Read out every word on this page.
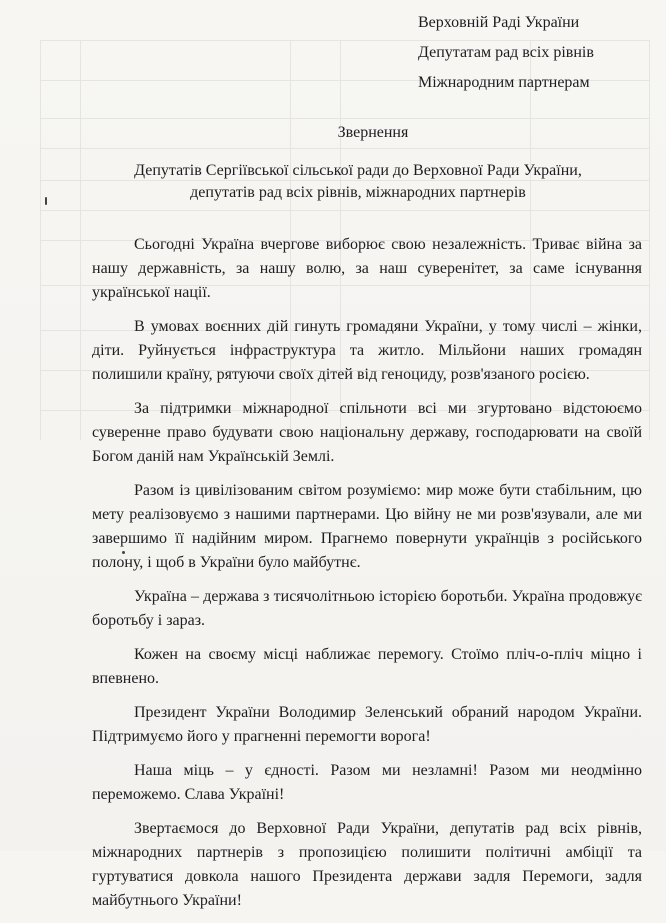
Верховній Раді України
Депутатам рад всіх рівнів
Міжнародним партнерам
Звернення
Депутатів Сергіївської сільської ради до Верховної Ради України,
депутатів рад всіх рівнів, міжнародних партнерів

Сьогодні Україна вчергове виборює свою незалежність. Триває війна за нашу державність, за нашу волю, за наш суверенітет, за саме існування української нації.

В умовах воєнних дій гинуть громадяни України, у тому числі – жінки, діти. Руйнується інфраструктура та житло. Мільйони наших громадян полишили країну, рятуючи своїх дітей від геноциду, розв'язаного росією.

За підтримки міжнародної спільноти всі ми згуртовано відстоюємо суверенне право будувати свою національну державу, господарювати на своїй Богом даній нам Українській Землі.

Разом із цивілізованим світом розуміємо: мир може бути стабільним, цю мету реалізовуємо з нашими партнерами. Цю війну не ми розв'язували, але ми завершимо її надійним миром. Прагнемо повернути українців з російського полону, і щоб в України було майбутнє.

Україна – держава з тисячолітньою історією боротьби. Україна продовжує боротьбу і зараз.

Кожен на своєму місці наближає перемогу. Стоїмо пліч-о-пліч міцно і впевнено.

Президент України Володимир Зеленський обраний народом України. Підтримуємо його у прагненні перемогти ворога!

Наша міць – у єдності. Разом ми незламні! Разом ми неодмінно переможемо. Слава Україні!

Звертаємося до Верховної Ради України, депутатів рад всіх рівнів, міжнародних партнерів з пропозицією полишити політичні амбіції та гуртуватися довкола нашого Президента держави задля Перемоги, задля майбутнього України!
